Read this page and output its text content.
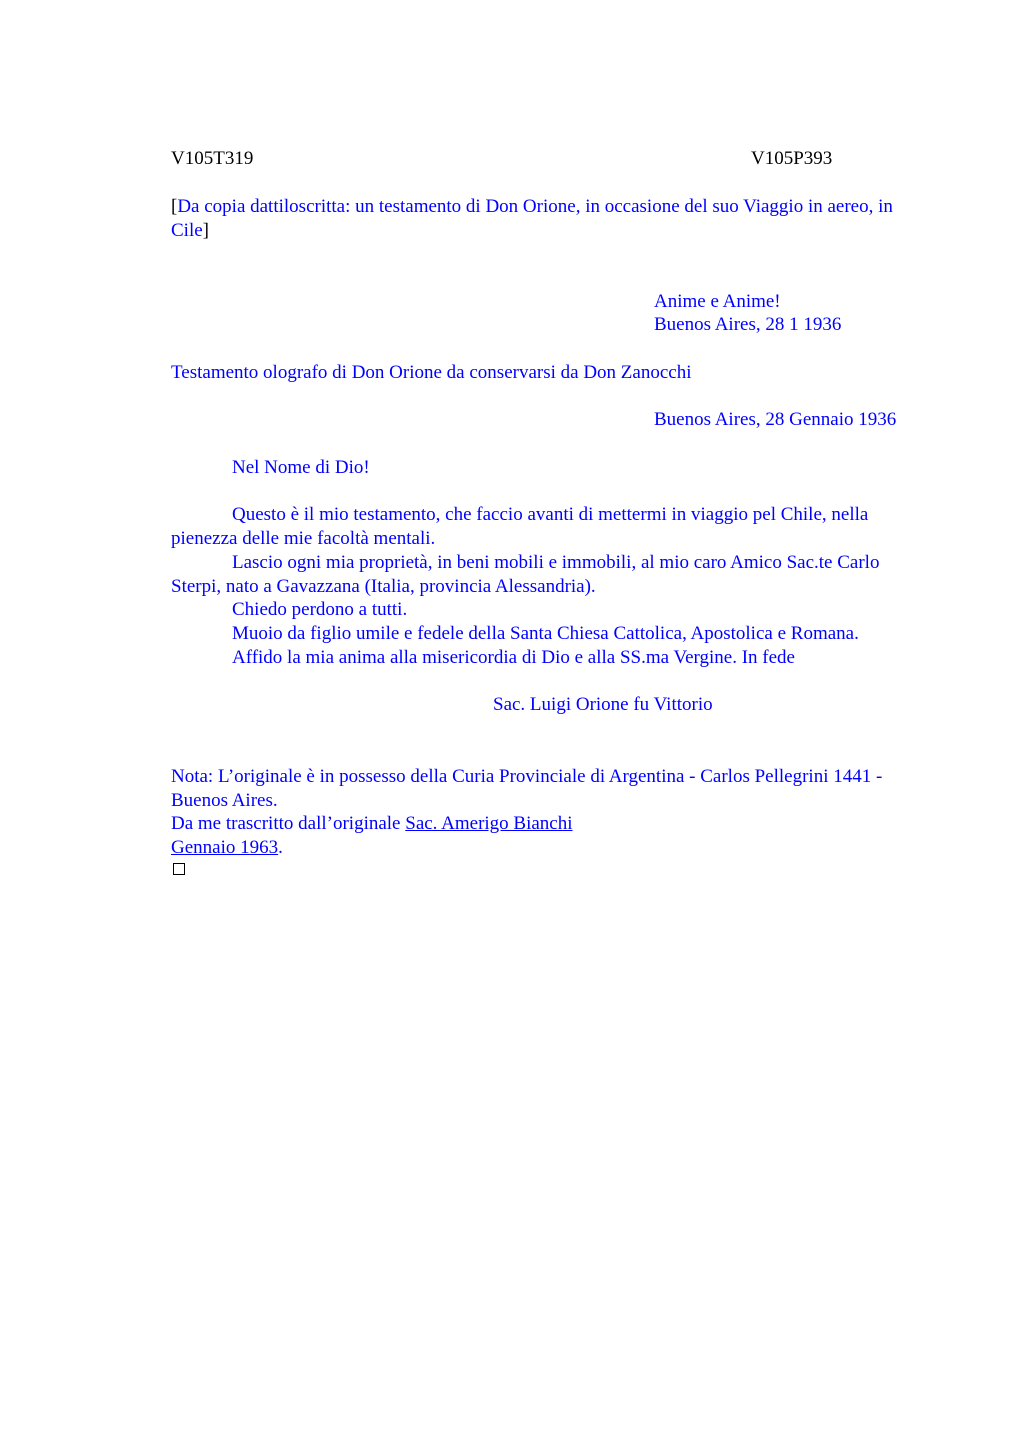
V105T319	V105P393
[Da copia dattiloscritta: un testamento di Don Orione, in occasione del suo Viaggio in aereo, in Cile]
Anime e Anime!
Buenos Aires, 28 1 1936
Testamento olografo di Don Orione da conservarsi da Don Zanocchi
Buenos Aires, 28 Gennaio 1936
Nel Nome di Dio!
Questo è il mio testamento, che faccio avanti di mettermi in viaggio pel Chile, nella pienezza delle mie facoltà mentali.
Lascio ogni mia proprietà, in beni mobili e immobili, al mio caro Amico Sac.te Carlo Sterpi, nato a Gavazzana (Italia, provincia Alessandria).
Chiedo perdono a tutti.
Muoio da figlio umile e fedele della Santa Chiesa Cattolica, Apostolica e Romana.
Affido la mia anima alla misericordia di Dio e alla SS.ma Vergine. In fede
Sac. Luigi Orione fu Vittorio
Nota: L’originale è in possesso della Curia Provinciale di Argentina - Carlos Pellegrini 1441 - Buenos Aires.
Da me trascritto dall’originale Sac. Amerigo Bianchi
Gennaio 1963.
